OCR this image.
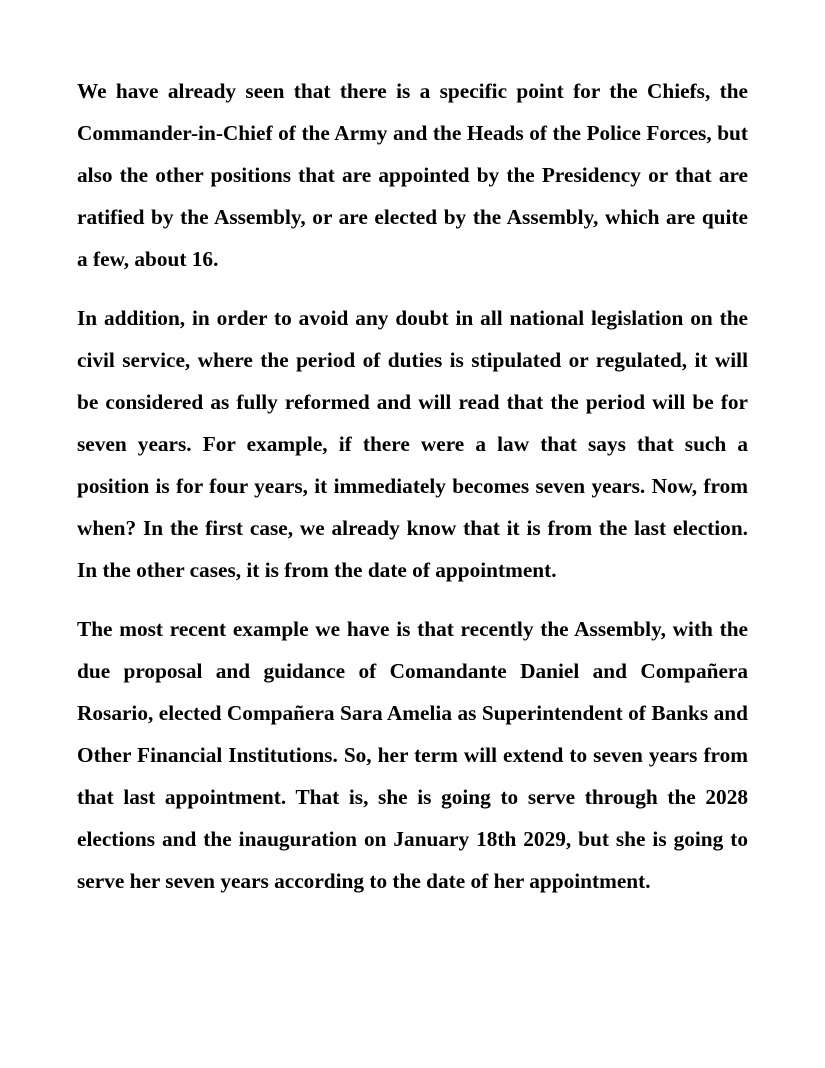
We have already seen that there is a specific point for the Chiefs, the Commander-in-Chief of the Army and the Heads of the Police Forces, but also the other positions that are appointed by the Presidency or that are ratified by the Assembly, or are elected by the Assembly, which are quite a few, about 16.

In addition, in order to avoid any doubt in all national legislation on the civil service, where the period of duties is stipulated or regulated, it will be considered as fully reformed and will read that the period will be for seven years. For example, if there were a law that says that such a position is for four years, it immediately becomes seven years. Now, from when? In the first case, we already know that it is from the last election. In the other cases, it is from the date of appointment.

The most recent example we have is that recently the Assembly, with the due proposal and guidance of Comandante Daniel and Compañera Rosario, elected Compañera Sara Amelia as Superintendent of Banks and Other Financial Institutions. So, her term will extend to seven years from that last appointment. That is, she is going to serve through the 2028 elections and the inauguration on January 18th 2029, but she is going to serve her seven years according to the date of her appointment.
